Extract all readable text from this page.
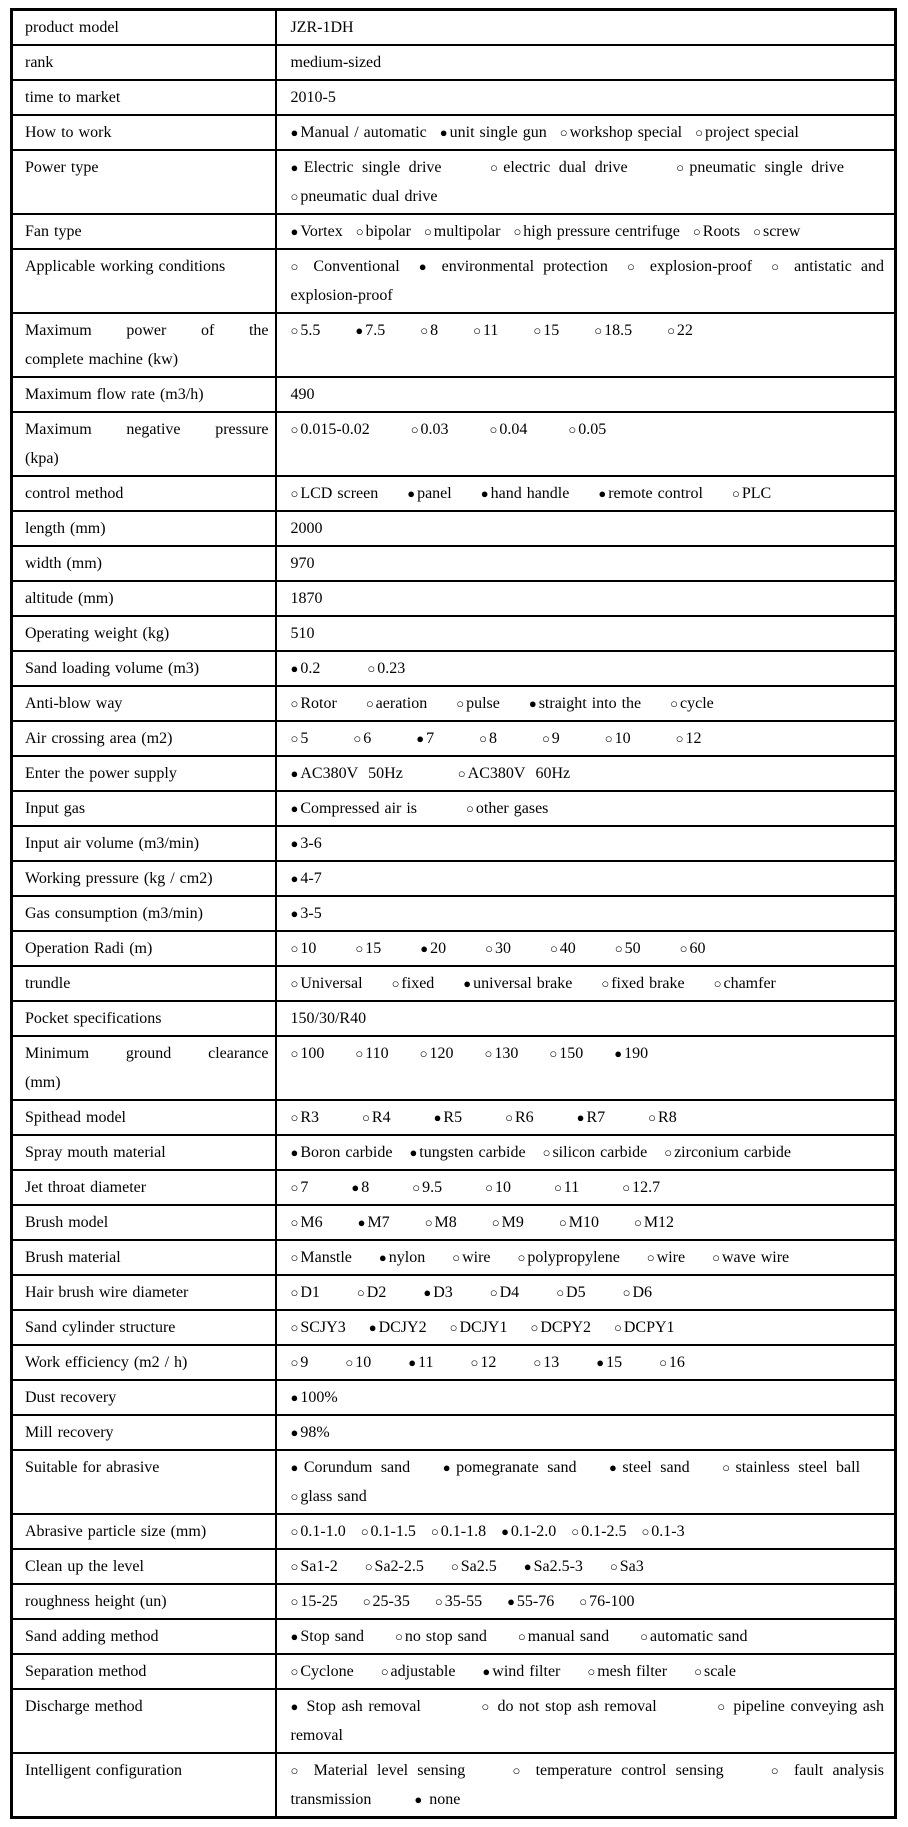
product model	JZR-1DH
rank	medium-sized
time to market	2010-5
How to work	● Manual / automatic ● unit single gun ○ workshop special ○ project special
Power type	● Electric single drive ○ electric dual drive ○ pneumatic single drive ○ pneumatic dual drive
Fan type	● Vortex ○ bipolar ○ multipolar ○ high pressure centrifuge ○ Roots ○ screw
Applicable working conditions	○ Conventional ● environmental protection ○ explosion-proof ○ antistatic and explosion-proof

Maximum power of the
complete machine (kw)	○ 5.5 ● 7.5 ○ 8 ○ 11 ○ 15 ○ 18.5 ○ 22
Maximum flow rate (m3/h)	490

Maximum negative pressure
(kpa)	○ 0.015-0.02 ○ 0.03 ○ 0.04 ○ 0.05
control method	○ LCD screen ● panel ● hand handle ● remote control ○ PLC
length (mm)	2000
width (mm)	970
altitude (mm)	1870
Operating weight (kg)	510
Sand loading volume (m3)	● 0.2 ○ 0.23
Anti-blow way	○ Rotor ○ aeration ○ pulse ● straight into the ○ cycle
Air crossing area (m2)	○ 5 ○ 6 ● 7 ○ 8 ○ 9 ○ 10 ○ 12
Enter the power supply	● AC380V  50Hz ○ AC380V  60Hz
Input gas	● Compressed air is ○ other gases
Input air volume (m3/min)	● 3-6
Working pressure (kg / cm2)	● 4-7
Gas consumption (m3/min)	● 3-5
Operation Radi (m)	○ 10 ○ 15 ● 20 ○ 30 ○ 40 ○ 50 ○ 60
trundle	○ Universal ○ fixed ● universal brake ○ fixed brake ○ chamfer
Pocket specifications	150/30/R40

Minimum ground clearance
(mm)	○ 100 ○ 110 ○ 120 ○ 130 ○ 150 ● 190
Spithead model	○ R3 ○ R4 ● R5 ○ R6 ● R7 ○ R8
Spray mouth material	● Boron carbide ● tungsten carbide ○ silicon carbide ○ zirconium carbide
Jet throat diameter	○ 7 ● 8 ○ 9.5 ○ 10 ○ 11 ○ 12.7
Brush model	○ M6 ● M7 ○ M8 ○ M9 ○ M10 ○ M12
Brush material	○ Manstle ● nylon ○ wire ○ polypropylene ○ wire ○ wave wire
Hair brush wire diameter	○ D1 ○ D2 ● D3 ○ D4 ○ D5 ○ D6
Sand cylinder structure	○ SCJY3 ● DCJY2 ○ DCJY1 ○ DCPY2 ○ DCPY1
Work efficiency (m2 / h)	○ 9 ○ 10 ● 11 ○ 12 ○ 13 ● 15 ○ 16
Dust recovery	● 100%
Mill recovery	● 98%
Suitable for abrasive	● Corundum sand ● pomegranate sand ● steel sand ○ stainless steel ball ○ glass sand
Abrasive particle size (mm)	○ 0.1-1.0 ○ 0.1-1.5 ○ 0.1-1.8 ● 0.1-2.0 ○ 0.1-2.5 ○ 0.1-3
Clean up the level	○ Sa1-2 ○ Sa2-2.5 ○ Sa2.5 ● Sa2.5-3 ○ Sa3
roughness height (un)	○ 15-25 ○ 25-35 ○ 35-55 ● 55-76 ○ 76-100
Sand adding method	● Stop sand ○ no stop sand ○ manual sand ○ automatic sand
Separation method	○ Cyclone ○ adjustable ● wind filter ○ mesh filter ○ scale
Discharge method	● Stop ash removal ○ do not stop ash removal ○ pipeline conveying ash removal
Intelligent configuration	○ Material level sensing ○ temperature control sensing ○ fault analysis transmission ● none
